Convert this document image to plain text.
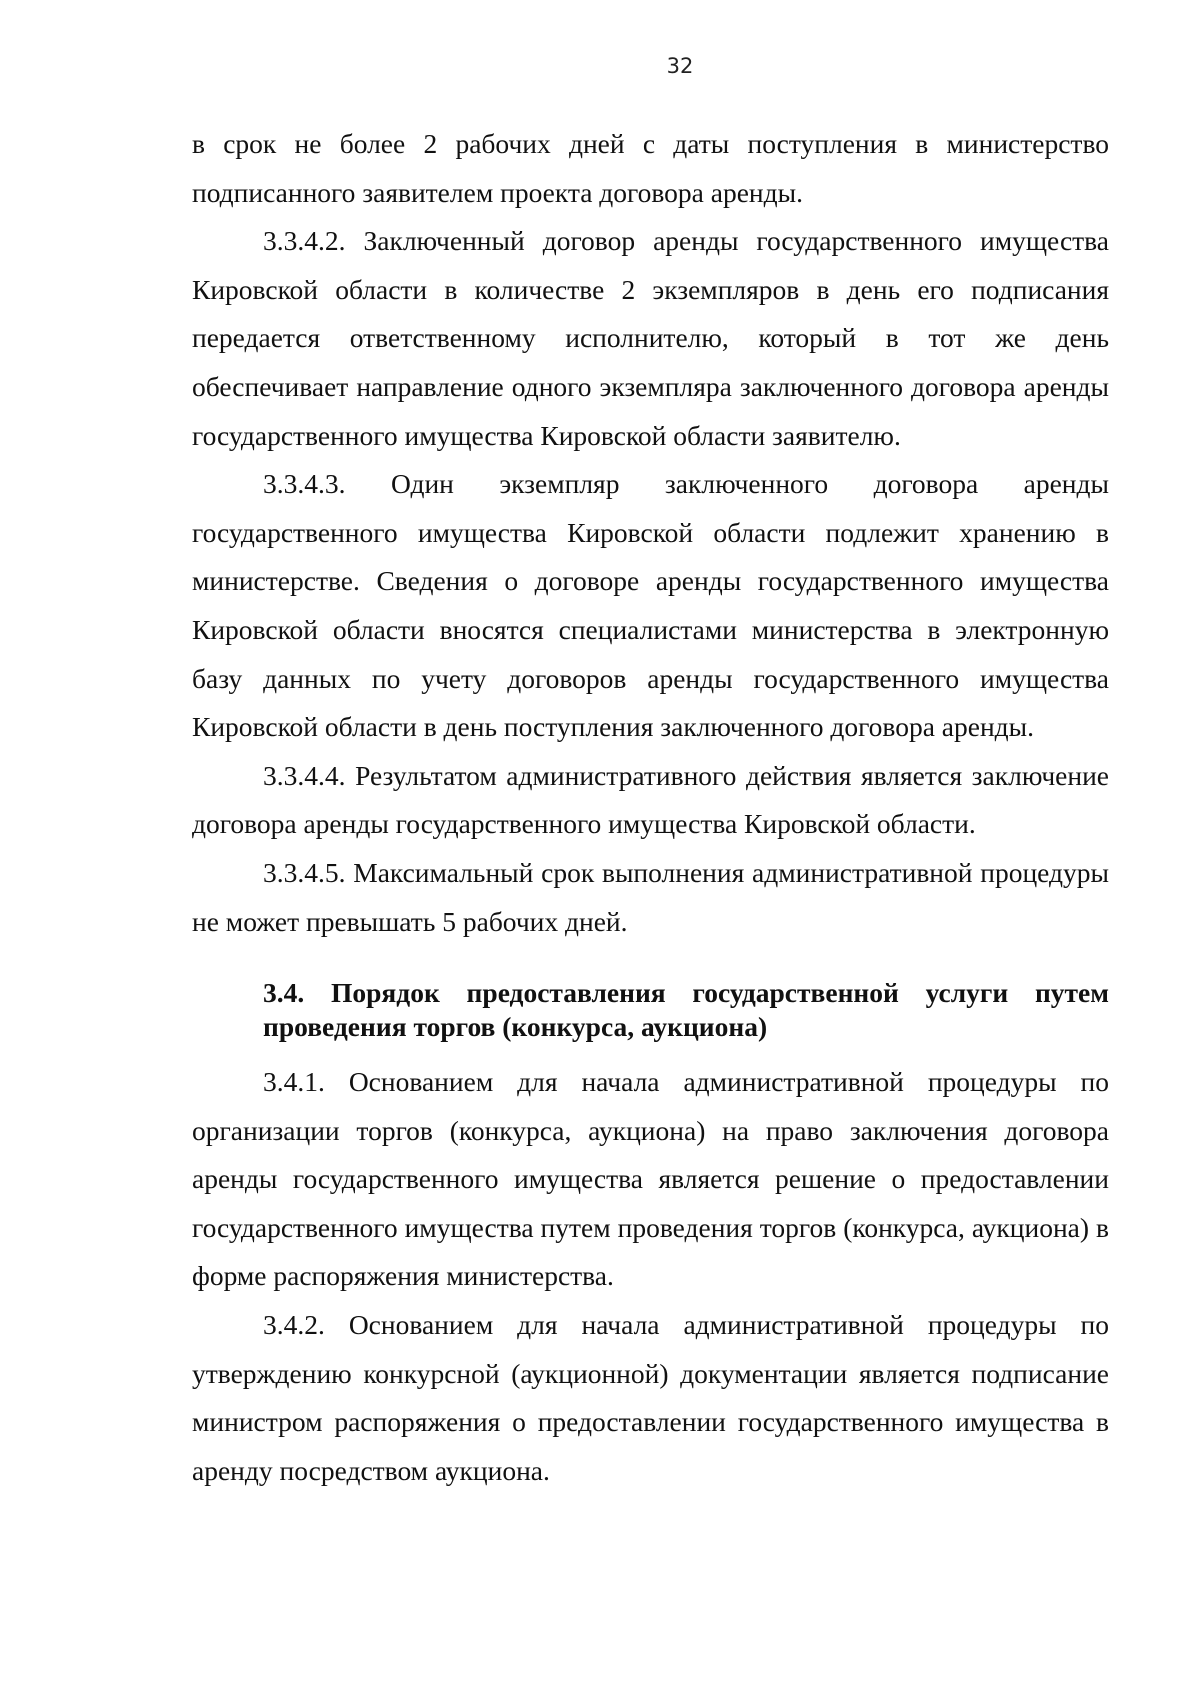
32

в срок не более 2 рабочих дней с даты поступления в министерство подписанного заявителем проекта договора аренды.

3.3.4.2. Заключенный договор аренды государственного имущества Кировской области в количестве 2 экземпляров в день его подписания передается ответственному исполнителю, который в тот же день обеспечивает направление одного экземпляра заключенного договора аренды государственного имущества Кировской области заявителю.

3.3.4.3. Один экземпляр заключенного договора аренды государственного имущества Кировской области подлежит хранению в министерстве. Сведения о договоре аренды государственного имущества Кировской области вносятся специалистами министерства в электронную базу данных по учету договоров аренды государственного имущества Кировской области в день поступления заключенного договора аренды.

3.3.4.4. Результатом административного действия является заключение договора аренды государственного имущества Кировской области.

3.3.4.5. Максимальный срок выполнения административной процедуры не может превышать 5 рабочих дней.

3.4. Порядок предоставления государственной услуги путем проведения торгов (конкурса, аукциона)

3.4.1. Основанием для начала административной процедуры по организации торгов (конкурса, аукциона) на право заключения договора аренды государственного имущества является решение о предоставлении государственного имущества путем проведения торгов (конкурса, аукциона) в форме распоряжения министерства.

3.4.2. Основанием для начала административной процедуры по утверждению конкурсной (аукционной) документации является подписание министром распоряжения о предоставлении государственного имущества в аренду посредством аукциона.
